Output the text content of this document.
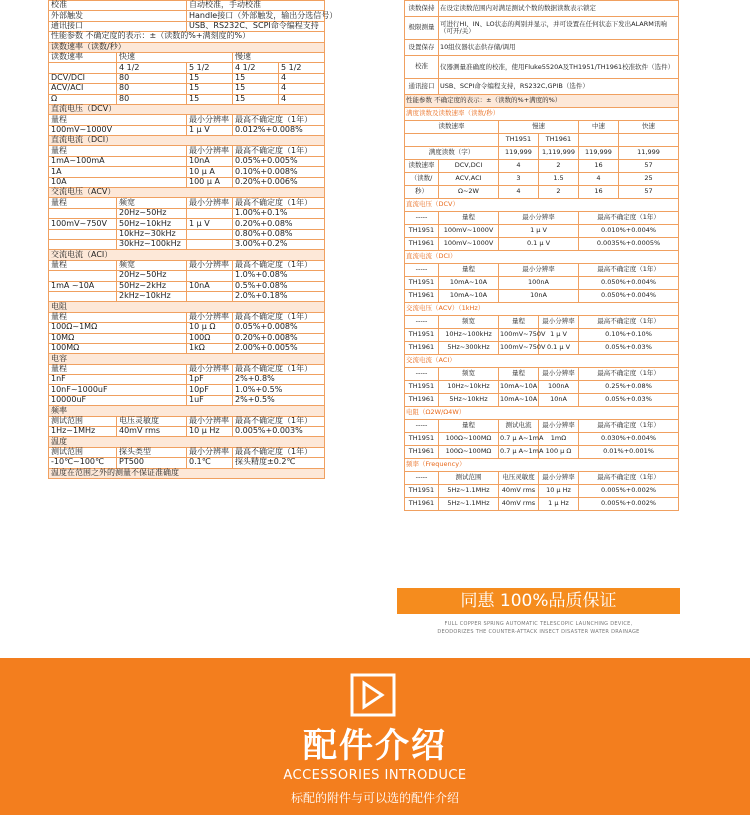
校准		自动校准，手动校准		
外部触发		Handle接口（外部触发，输出分选信号）		
通讯接口		USB、RS232C、SCPI命令编程支持		
性能参数 不确定度的表示：±（读数的%+满刻度的%）				
读数速率（读数/秒）				
读数速率	快速		慢速	
	4 1/2	5 1/2	4 1/2	5 1/2
DCV/DCI	80	15	15	4
ACV/ACI	80	15	15	4
Ω	80	15	15	4
直流电压（DCV）				
量程		最小分辨率	最高不确定度（1年）	
100mV~1000V		1 μ V	0.012%+0.008%	
直流电流（DCI）				
量程		最小分辨率	最高不确定度（1年）	
1mA~100mA		10nA	0.05%+0.005%	
1A		10 μ A	0.10%+0.008%	
10A		100 μ A	0.20%+0.006%	
交流电压（ACV）				
量程	频宽	最小分辨率	最高不确定度（1年）	
	20Hz~50Hz		1.00%+0.1%	
100mV~750V	50Hz~10kHz	1 μ V	0.20%+0.08%	
	10kHz~30kHz		0.80%+0.08%	
	30kHz~100kHz		3.00%+0.2%	
交流电流（ACI）				
量程	频宽	最小分辨率	最高不确定度（1年）	
	20Hz~50Hz		1.0%+0.08%	
1mA ~10A	50Hz~2kHz	10nA	0.5%+0.08%	
	2kHz~10kHz		2.0%+0.18%	
电阻				
量程		最小分辨率	最高不确定度（1年）	
100Ω~1MΩ		10 μ Ω	0.05%+0.008%	
10MΩ		100Ω	0.20%+0.008%	
100MΩ		1kΩ	2.00%+0.005%	
电容				
量程		最小分辨率	最高不确定度（1年）	
1nF		1pF	2%+0.8%	
10nF~1000uF		10pF	1.0%+0.5%	
10000uF		1uF	2%+0.5%	
频率				
测试范围	电压灵敏度	最小分辨率	最高不确定度（1年）	
1Hz~1MHz	40mV rms	10 μ Hz	0.005%+0.003%	
温度				
测试范围	探头类型	最小分辨率	最高不确定度（1年）	
-10℃~100℃	PT500	0.1℃	探头精度±0.2℃	
温度在范围之外的测量不保证准确度				
读数保持	在设定读数范围内对满足测试个数的数据读数表示锁定				
极限测量	可进行HI、IN、LO状态的判别并显示，并可设置在任何状态下发出ALARM讯响（可开/关）				
设置保存	10组仪器状态供存储/调用				
校准	仪器测量准确度的校准，使用Fluke5520A及TH1951/TH1961校准软件（选件）				
通讯接口	USB、SCPI命令编程支持，RS232C,GPIB（选件）				
性能参数 不确定度的表示：±（读数的%+满度的%）					
满度读数及读数速率（读数/秒）					
读数速率		慢速		中速	快速
		TH1951	TH1961		
满度读数（字）		119,999	1,119,999	119,999	11,999
读数速率	DCV,DCI	4	2	16	57
（读数/	ACV,ACI	3	1.5	4	25
秒）	Ω~2W	4	2	16	57
直流电压（DCV）					
-----	量程	最小分辨率		最高不确定度（1年）	
TH1951	100mV~1000V	1 μ V		0.010%+0.004%	
TH1961	100mV~1000V	0.1 μ V		0.0035%+0.0005%	
直流电流（DCI）					
-----	量程	最小分辨率		最高不确定度（1年）	
TH1951	10mA~10A	100nA		0.050%+0.004%	
TH1961	10mA~10A	10nA		0.050%+0.004%	
交流电压（ACV）（1kHz）					
-----	频宽	量程	最小分辨率	最高不确定度（1年）	
TH1951	10Hz~100kHz	100mV~750V	1 μ V	0.10%+0.10%	
TH1961	5Hz~300kHz	100mV~750V	0.1 μ V	0.05%+0.03%	
交流电流（ACI）					
-----	频宽	量程	最小分辨率	最高不确定度（1年）	
TH1951	10Hz~10kHz	10mA~10A	100nA	0.25%+0.08%	
TH1961	5Hz~10kHz	10mA~10A	10nA	0.05%+0.03%	
电阻（Ω2W/Ω4W）					
-----	量程	测试电流	最小分辨率	最高不确定度（1年）	
TH1951	100Ω~100MΩ	0.7 μ A~1mA	1mΩ	0.030%+0.004%	
TH1961	100Ω~100MΩ	0.7 μ A~1mA	100 μ Ω	0.01%+0.001%	
频率（Frequency）					
-----	测试范围	电压灵敏度	最小分辨率	最高不确定度（1年）	
TH1951	5Hz~1.1MHz	40mV rms	10 μ Hz	0.005%+0.002%	
TH1961	5Hz~1.1MHz	40mV rms	1 μ Hz	0.005%+0.002%	
同惠 100%品质保证
FULL COPPER SPRING AUTOMATIC TELESCOPIC LAUNCHING DEVICE,
DEODORIZES THE COUNTER-ATTACK INSECT DISASTER WATER DRAINAGE
配件介绍
ACCESSORIES INTRODUCE
标配的附件与可以选的配件介绍
